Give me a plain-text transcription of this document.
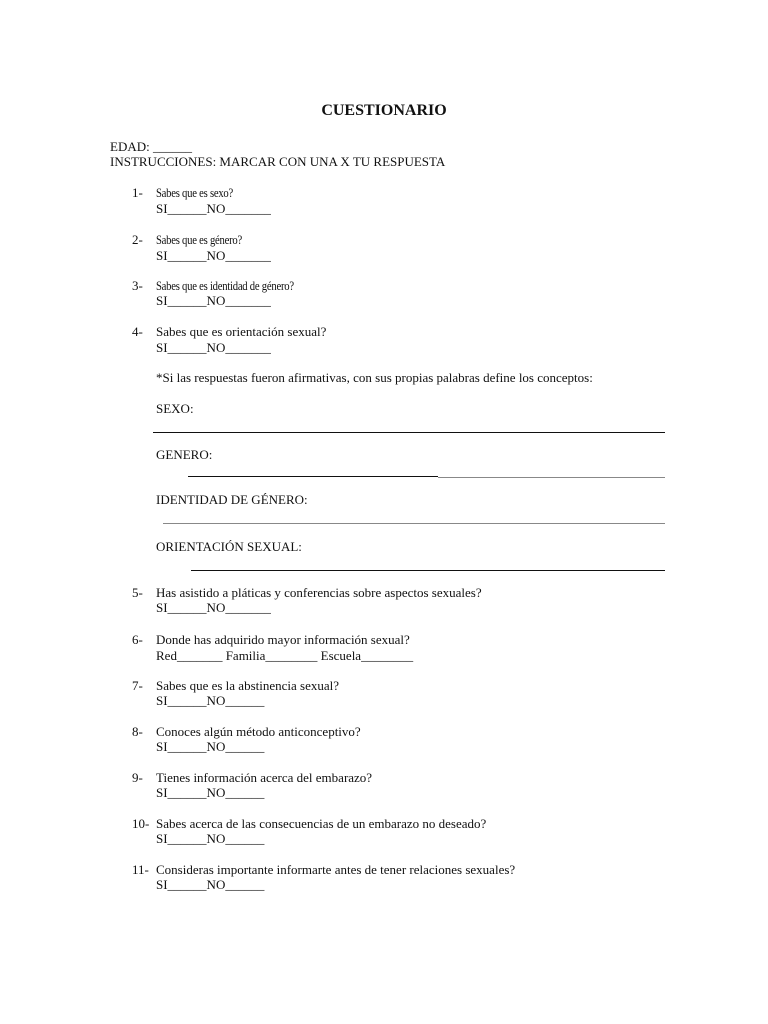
CUESTIONARIO
EDAD: ______
INSTRUCCIONES: MARCAR CON UNA X TU RESPUESTA
1- Sabes que es sexo?
SI______NO_______
2- Sabes que es género?
SI______NO_______
3- Sabes que es identidad de género?
SI______NO_______
4- Sabes que es orientación sexual?
SI______NO_______
*Si las respuestas fueron afirmativas, con sus propias palabras define los conceptos:
SEXO:
GENERO:
IDENTIDAD DE GÉNERO:
ORIENTACIÓN SEXUAL:
5- Has asistido a pláticas y conferencias sobre aspectos sexuales?
SI______NO_______
6- Donde has adquirido mayor información sexual?
Red_______ Familia________ Escuela________
7- Sabes que es la abstinencia sexual?
SI______NO______
8- Conoces algún método anticonceptivo?
SI______NO______
9- Tienes información acerca del embarazo?
SI______NO______
10- Sabes acerca de las consecuencias de un embarazo no deseado?
SI______NO______
11- Consideras importante informarte antes de tener relaciones sexuales?
SI______NO______
